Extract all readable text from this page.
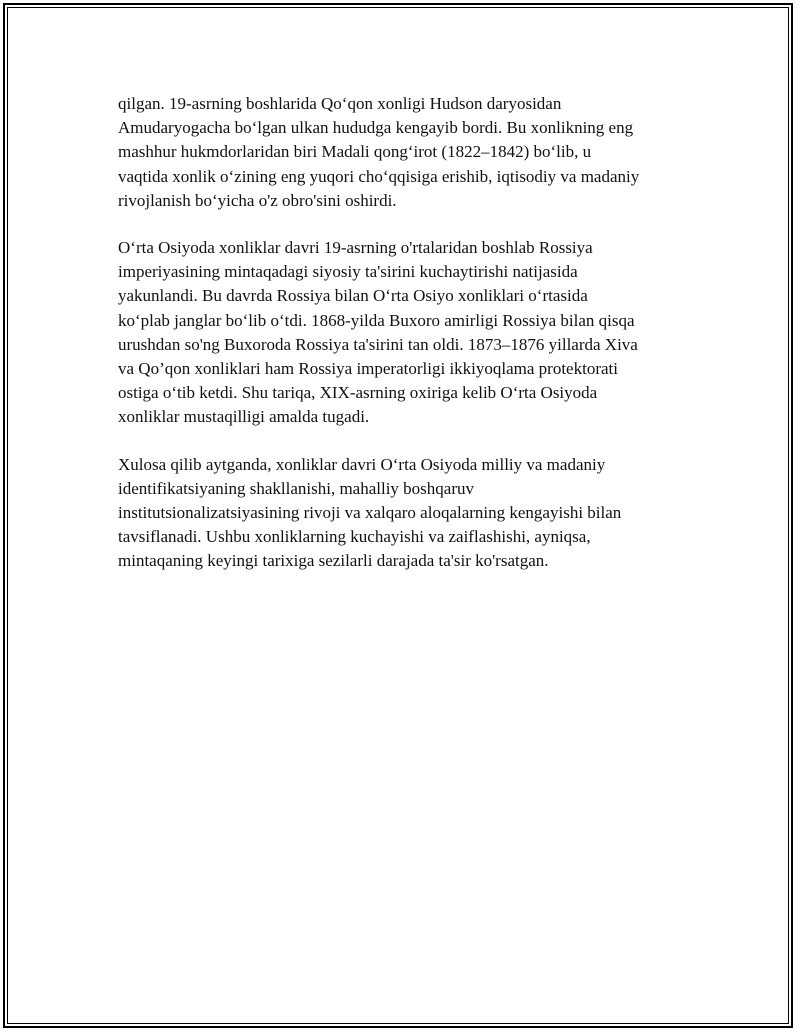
qilgan. 19-asrning boshlarida Qo‘qon xonligi Hudson daryosidan
Amudaryogacha bo‘lgan ulkan hududga kengayib bordi. Bu xonlikning eng
mashhur hukmdorlaridan biri Madali qong‘irot (1822–1842) bo‘lib, u
vaqtida xonlik o‘zining eng yuqori cho‘qqisiga erishib, iqtisodiy va madaniy
rivojlanish bo‘yicha o'z obro'sini oshirdi.

O‘rta Osiyoda xonliklar davri 19-asrning o'rtalaridan boshlab Rossiya
imperiyasining mintaqadagi siyosiy ta'sirini kuchaytirishi natijasida
yakunlandi. Bu davrda Rossiya bilan O‘rta Osiyo xonliklari o‘rtasida
ko‘plab janglar bo‘lib o‘tdi. 1868-yilda Buxoro amirligi Rossiya bilan qisqa
urushdan so'ng Buxoroda Rossiya ta'sirini tan oldi. 1873–1876 yillarda Xiva
va Qo’qon xonliklari ham Rossiya imperatorligi ikkiyoqlama protektorati
ostiga o‘tib ketdi. Shu tariqa, XIX-asrning oxiriga kelib O‘rta Osiyoda
xonliklar mustaqilligi amalda tugadi.

Xulosa qilib aytganda, xonliklar davri O‘rta Osiyoda milliy va madaniy
identifikatsiyaning shakllanishi, mahalliy boshqaruv
institutsionalizatsiyasining rivoji va xalqaro aloqalarning kengayishi bilan
tavsiflanadi. Ushbu xonliklarning kuchayishi va zaiflashishi, ayniqsa,
mintaqaning keyingi tarixiga sezilarli darajada ta'sir ko'rsatgan.
